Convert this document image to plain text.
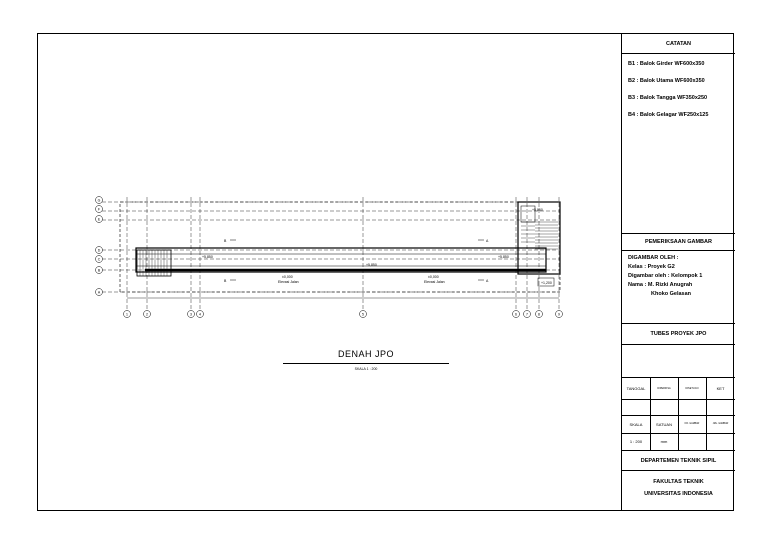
G
F
E
D
C
B
A
1	2	3 4	5	6	7	8	9
+5,850
+5,850
+5,850
±0,000
Elevasi Jalan
±0,000
Elevasi Jalan
B
B
A
A
+5,850
+1,200
DENAH JPO
SKALA 1 : 200
CATATAN
B1 : Balok Girder WF600x350
B2 : Balok Utama WF600x350
B3 : Balok Tangga WF350x250
B4 : Balok Gelagar WF250x125
PEMERIKSAAN GAMBAR
DIGAMBAR OLEH :
Kelas : Proyek G2
Digambar oleh : Kelompok 1
Nama : M. Rizki Anugrah
Khoko Gelasan
TUBES PROYEK JPO
TANGGAL	DIPERIKSA	DISETUJUI	KET
SKALA	SATUAN	NO. GAMBAR	JML. GAMBAR
1 : 200	mm
DEPARTEMEN TEKNIK SIPIL
FAKULTAS TEKNIK
UNIVERSITAS INDONESIA
